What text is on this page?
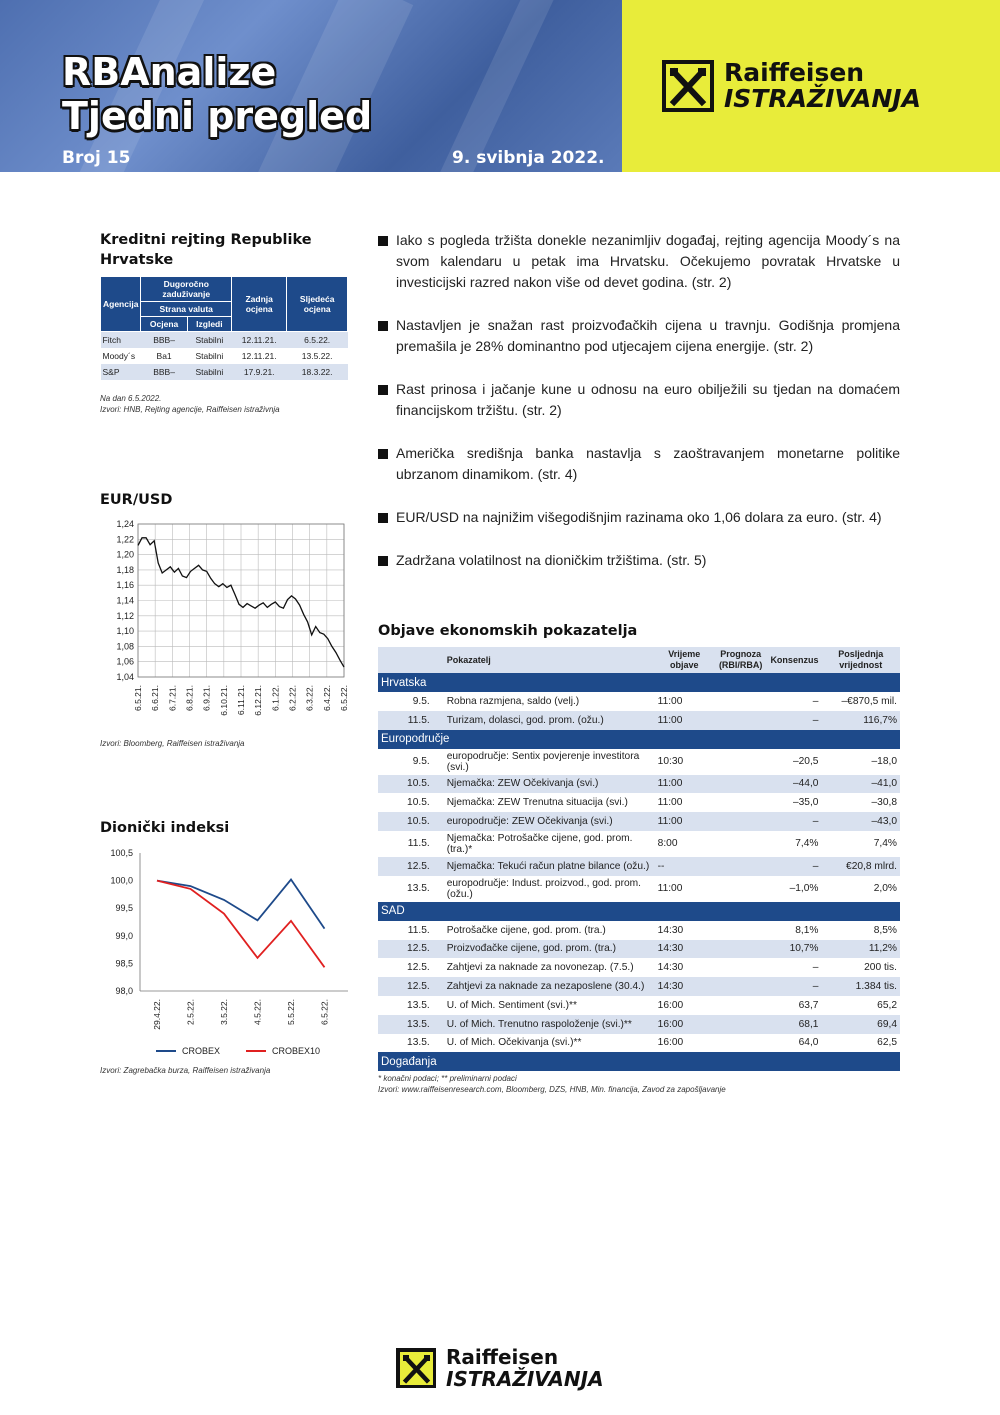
RBAnalize
Tjedni pregled
Broj 15	9. svibnja 2022.
Raiffeisen
ISTRAŽIVANJA
Kreditni rejting Republike Hrvatske
Agencija	Dugoročno zaduživanje		Zadnja ocjena	Sljedeća ocjena
	Strana valuta			
	Ocjena	Izgledi		
Fitch	BBB–	Stabilni	12.11.21.	6.5.22.
Moody´s	Ba1	Stabilni	12.11.21.	13.5.22.
S&P	BBB–	Stabilni	17.9.21.	18.3.22.
Na dan 6.5.2022.
Izvori: HNB, Rejting agencije, Raiffeisen istraživnja
EUR/USD
1,24
1,22
1,20
1,18
1,16
1,14
1,12
1,10
1,08
1,06
1,04
6.5.21. 6.6.21. 6.7.21. 6.8.21. 6.9.21. 6.10.21. 6.11.21. 6.12.21. 6.1.22. 6.2.22. 6.3.22. 6.4.22. 6.5.22.
Izvori: Bloomberg, Raiffeisen istraživanja
Dionički indeksi
100,5
100,0
99,5
99,0
98,5
98,0
29.4.22.	2.5.22.	3.5.22.	4.5.22.	5.5.22.	6.5.22.
CROBEX	CROBEX10
Izvori: Zagrebačka burza, Raiffeisen istraživanja
Iako s pogleda tržišta donekle nezanimljiv događaj, rejting agencija Moody´s na svom kalendaru u petak ima Hrvatsku. Očekujemo povratak Hrvatske u investicijski razred nakon više od devet godina. (str. 2)
Nastavljen je snažan rast proizvođačkih cijena u travnju. Godišnja promjena premašila je 28% dominantno pod utjecajem cijena energije. (str. 2)
Rast prinosa i jačanje kune u odnosu na euro obilježili su tjedan na domaćem financijskom tržištu. (str. 2)
Američka središnja banka nastavlja s zaoštravanjem monetarne politike ubrzanom dinamikom. (str. 4)
EUR/USD na najnižim višegodišnjim razinama oko 1,06 dolara za euro. (str. 4)
Zadržana volatilnost na dioničkim tržištima. (str. 5)
Objave ekonomskih pokazatelja
	Pokazatelj	Vrijeme objave	Prognoza (RBI/RBA)	Konsenzus	Posljednja vrijednost
Hrvatska					
9.5.	Robna razmjena, saldo (velj.)	11:00		–	–€870,5 mil.
11.5.	Turizam, dolasci, god. prom. (ožu.)	11:00		–	116,7%
Europodručje					
9.5.	europodručje: Sentix povjerenje investitora (svi.)	10:30		–20,5	–18,0
10.5.	Njemačka: ZEW Očekivanja (svi.)	11:00		–44,0	–41,0
10.5.	Njemačka: ZEW Trenutna situacija (svi.)	11:00		–35,0	–30,8
10.5.	europodručje: ZEW Očekivanja (svi.)	11:00		–	–43,0
11.5.	Njemačka: Potrošačke cijene, god. prom. (tra.)*	8:00		7,4%	7,4%
12.5.	Njemačka: Tekući račun platne bilance (ožu.)	--		–	€20,8 mlrd.
13.5.	europodručje: Indust. proizvod., god. prom. (ožu.)	11:00		–1,0%	2,0%
SAD					
11.5.	Potrošačke cijene, god. prom. (tra.)	14:30		8,1%	8,5%
12.5.	Proizvođačke cijene, god. prom. (tra.)	14:30		10,7%	11,2%
12.5.	Zahtjevi za naknade za novonezap. (7.5.)	14:30		–	200 tis.
12.5.	Zahtjevi za naknade za nezaposlene (30.4.)	14:30		–	1.384 tis.
13.5.	U. of Mich. Sentiment (svi.)**	16:00		63,7	65,2
13.5.	U. of Mich. Trenutno raspoloženje (svi.)**	16:00		68,1	69,4
13.5.	U. of Mich. Očekivanja (svi.)**	16:00		64,0	62,5
Događanja					
* konačni podaci; ** preliminarni podaci
Izvori: www.raiffeisenresearch.com, Bloomberg, DZS, HNB, Min. financija, Zavod za zapošljavanje
Raiffeisen
ISTRAŽIVANJA
